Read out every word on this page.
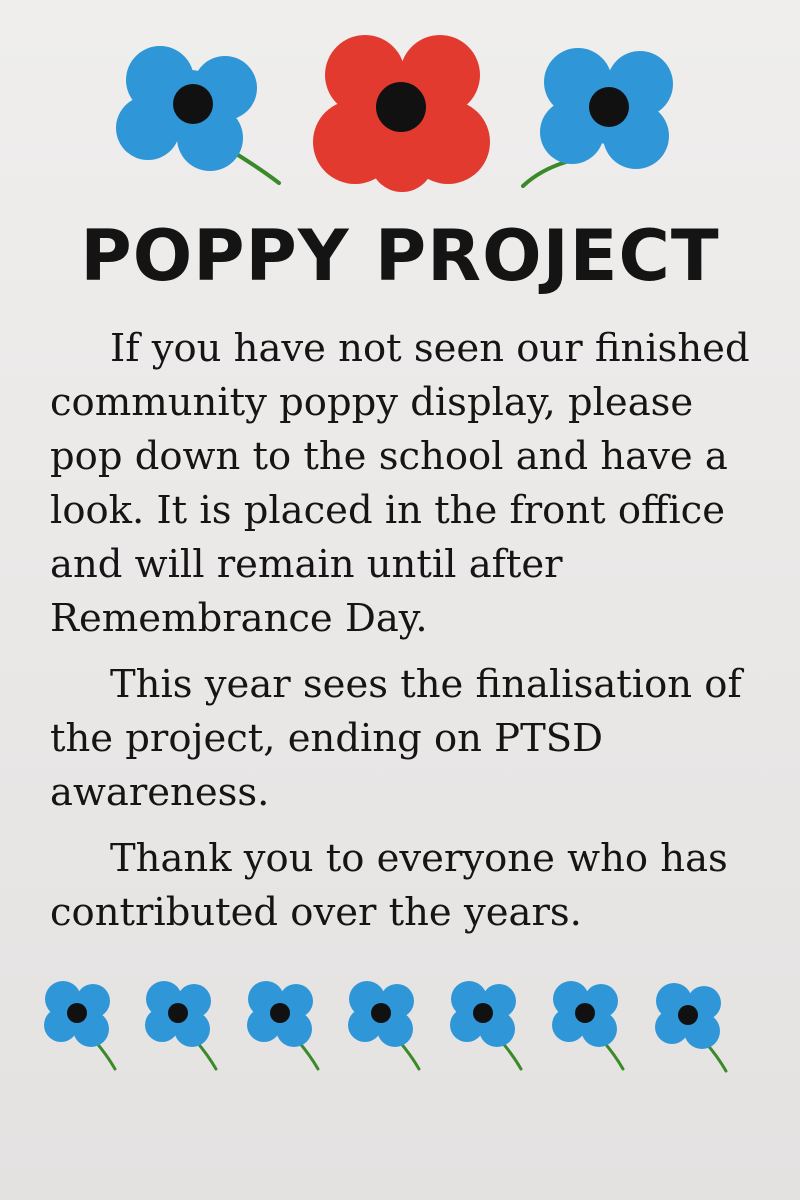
POPPY PROJECT

If you have not seen our finished community poppy display, please pop down to the school and have a look. It is placed in the front office and will remain until after Remembrance Day.

This year sees the finalisation of the project, ending on PTSD awareness.

Thank you to everyone who has contributed over the years.
